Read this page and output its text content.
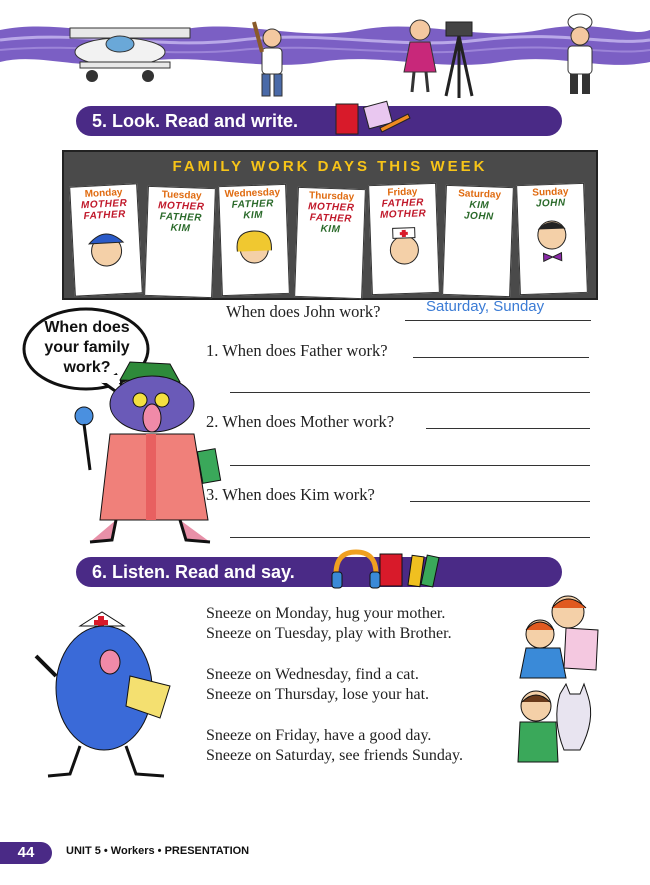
5. Look. Read and write.
FAMILY WORK DAYS THIS WEEK
Monday
MOTHER
FATHER
Tuesday
MOTHER
FATHER
KIM
Wednesday
FATHER
KIM
Thursday
MOTHER
FATHER
KIM
Friday
FATHER
MOTHER
Saturday
KIM
JOHN
Sunday
JOHN
When does
your family
work?
When does John work?	Saturday, Sunday
1. When does Father work?
2. When does Mother work?
3. When does Kim work?
6. Listen. Read and say.
Sneeze on Monday, hug your mother.
Sneeze on Tuesday, play with Brother.
Sneeze on Wednesday, find a cat.
Sneeze on Thursday, lose your hat.
Sneeze on Friday, have a good day.
Sneeze on Saturday, see friends Sunday.
44	UNIT 5 • Workers • PRESENTATION
